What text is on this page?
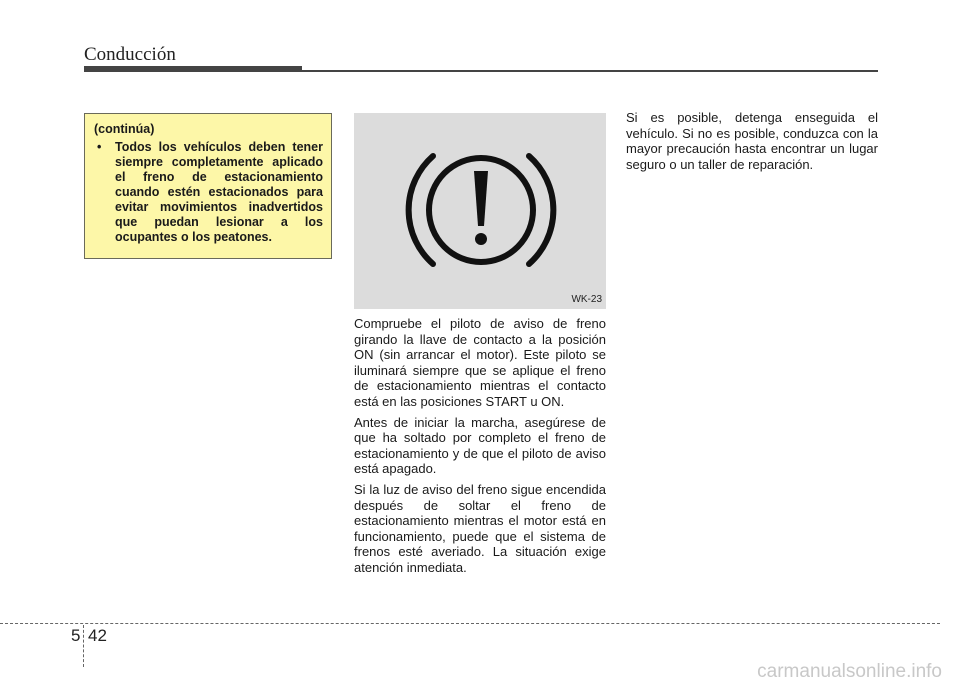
Conducción
(continúa)
• Todos los vehículos deben tener siempre completamente aplicado el freno de estacionamiento cuando estén estacionados para evitar movimientos inadvertidos que puedan lesionar a los ocupantes o los peatones.
WK-23

Compruebe el piloto de aviso de freno girando la llave de contacto a la posición ON (sin arrancar el motor). Este piloto se iluminará siempre que se aplique el freno de estacionamiento mientras el contacto está en las posiciones START u ON.

Antes de iniciar la marcha, asegúrese de que ha soltado por completo el freno de estacionamiento y de que el piloto de aviso está apagado.

Si la luz de aviso del freno sigue encendida después de soltar el freno de estacionamiento mientras el motor está en funcionamiento, puede que el sistema de frenos esté averiado. La situación exige atención inmediata.

Si es posible, detenga enseguida el vehículo. Si no es posible, conduzca con la mayor precaución hasta encontrar un lugar seguro o un taller de reparación.

5 42
carmanualsonline.info
